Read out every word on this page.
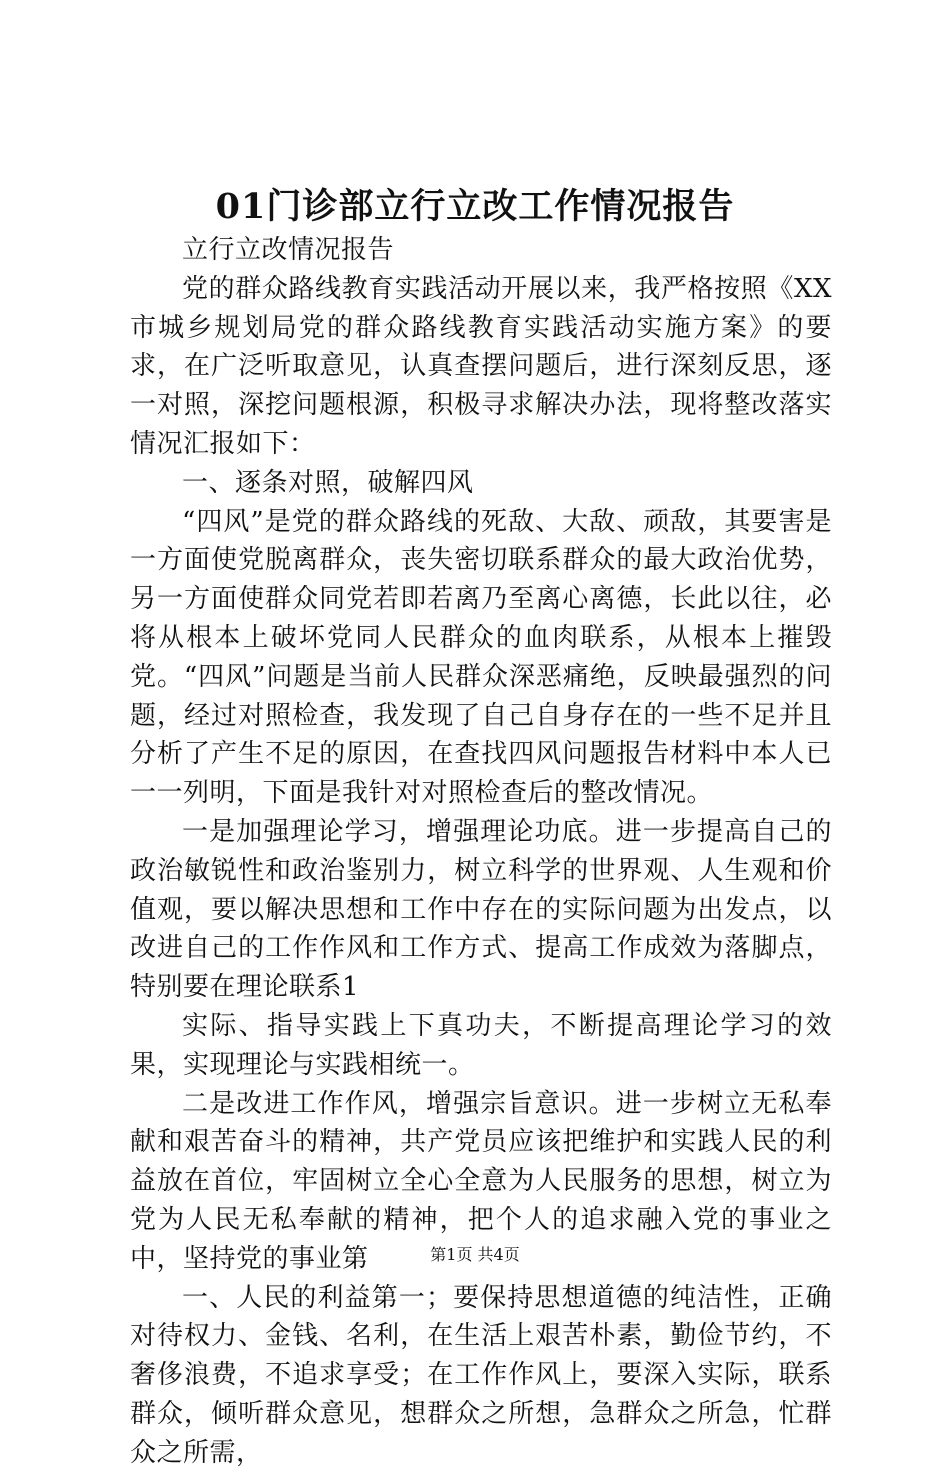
01门诊部立行立改工作情况报告

立行立改情况报告

党的群众路线教育实践活动开展以来，我严格按照《XX市城乡规划局党的群众路线教育实践活动实施方案》的要求，在广泛听取意见，认真查摆问题后，进行深刻反思，逐一对照，深挖问题根源，积极寻求解决办法，现将整改落实情况汇报如下：

一、逐条对照，破解四风

“四风”是党的群众路线的死敌、大敌、顽敌，其要害是一方面使党脱离群众，丧失密切联系群众的最大政治优势，另一方面使群众同党若即若离乃至离心离德，长此以往，必将从根本上破坏党同人民群众的血肉联系，从根本上摧毁党。“四风”问题是当前人民群众深恶痛绝，反映最强烈的问题，经过对照检查，我发现了自己自身存在的一些不足并且分析了产生不足的原因，在查找四风问题报告材料中本人已一一列明，下面是我针对对照检查后的整改情况。

一是加强理论学习，增强理论功底。进一步提高自己的政治敏锐性和政治鉴别力，树立科学的世界观、人生观和价值观，要以解决思想和工作中存在的实际问题为出发点，以改进自己的工作作风和工作方式、提高工作成效为落脚点，特别要在理论联系1

实际、指导实践上下真功夫，不断提高理论学习的效果，实现理论与实践相统一。

二是改进工作作风，增强宗旨意识。进一步树立无私奉献和艰苦奋斗的精神，共产党员应该把维护和实践人民的利益放在首位，牢固树立全心全意为人民服务的思想，树立为党为人民无私奉献的精神，把个人的追求融入党的事业之中，坚持党的事业第

一、人民的利益第一；要保持思想道德的纯洁性，正确对待权力、金钱、名利，在生活上艰苦朴素，勤俭节约，不奢侈浪费，不追求享受；在工作作风上，要深入实际，联系群众，倾听群众意见，想群众之所想，急群众之所急，忙群众之所需，

第1页 共4页
